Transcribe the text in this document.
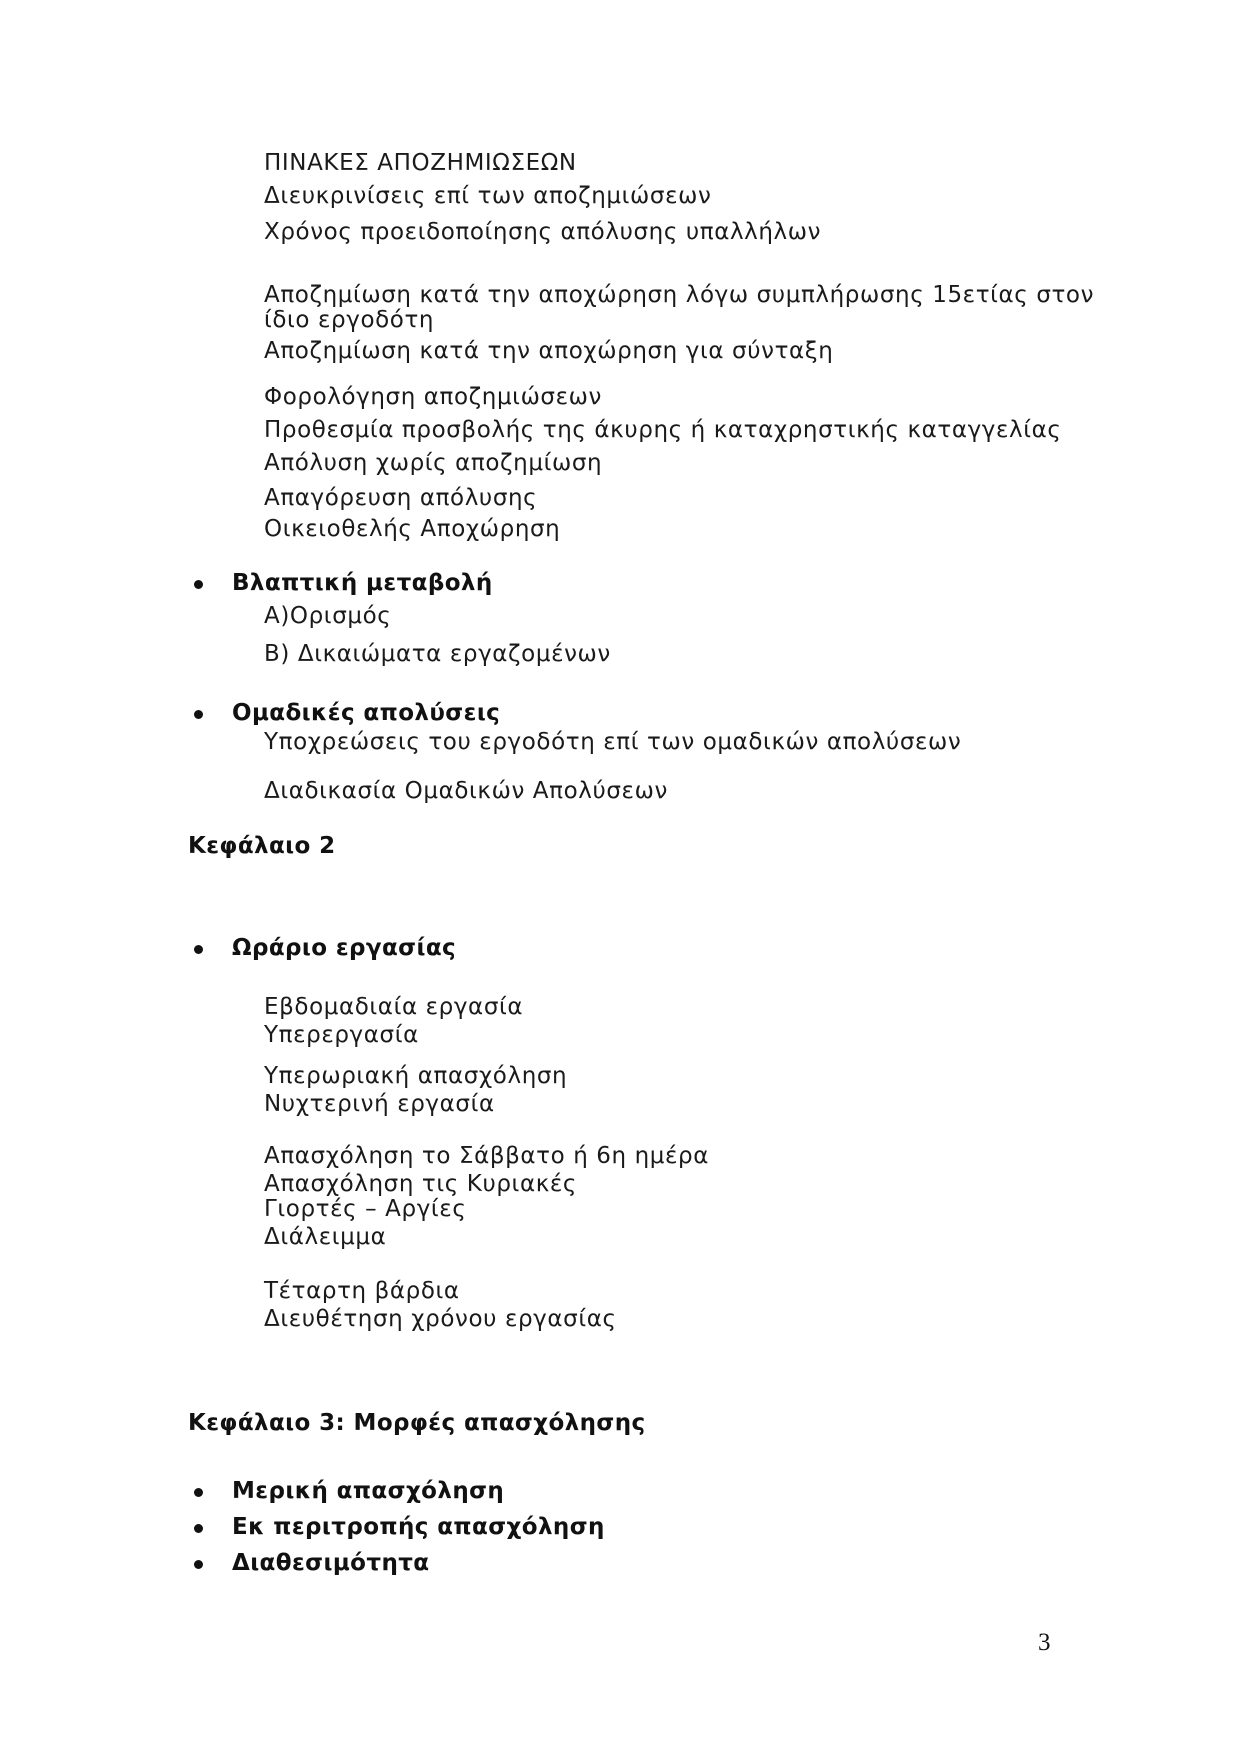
ΠΙΝΑΚΕΣ ΑΠΟΖΗΜΙΩΣΕΩΝ
Διευκρινίσεις επί των αποζημιώσεων
Χρόνος προειδοποίησης απόλυσης υπαλλήλων
Αποζημίωση κατά την αποχώρηση λόγω συμπλήρωσης 15ετίας στον
ίδιο εργοδότη
Αποζημίωση κατά την αποχώρηση για σύνταξη
Φορολόγηση αποζημιώσεων
Προθεσμία προσβολής της άκυρης ή καταχρηστικής καταγγελίας
Απόλυση χωρίς αποζημίωση
Απαγόρευση απόλυσης
Οικειοθελής Αποχώρηση
Βλαπτική μεταβολή
Α)Ορισμός
Β) Δικαιώματα εργαζομένων
Ομαδικές απολύσεις
Υποχρεώσεις του εργοδότη επί των ομαδικών απολύσεων
Διαδικασία Ομαδικών Απολύσεων
Κεφάλαιο 2
Ωράριο εργασίας
Εβδομαδιαία εργασία
Υπερεργασία
Υπερωριακή απασχόληση
Νυχτερινή εργασία
Απασχόληση το Σάββατο ή 6η ημέρα
Απασχόληση τις Κυριακές
Γιορτές – Αργίες
Διάλειμμα
Τέταρτη βάρδια
Διευθέτηση χρόνου εργασίας
Κεφάλαιο 3: Μορφές απασχόλησης
Μερική απασχόληση
Εκ περιτροπής απασχόληση
Διαθεσιμότητα
3
